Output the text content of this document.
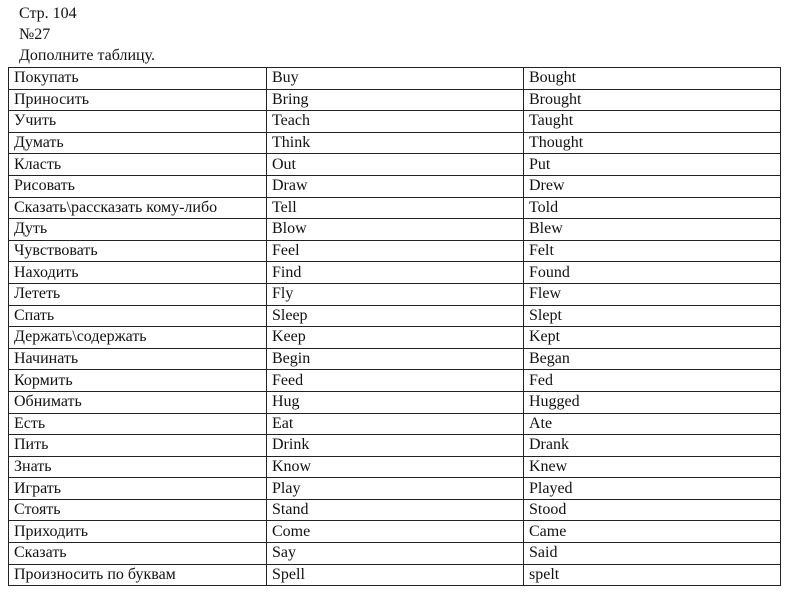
Стр. 104
№27
Дополните таблицу.
Покупать	Buy	Bought
Приносить	Bring	Brought
Учить	Teach	Taught
Думать	Think	Thought
Класть	Out	Put
Рисовать	Draw	Drew
Сказать\рассказать кому-либо	Tell	Told
Дуть	Blow	Blew
Чувствовать	Feel	Felt
Находить	Find	Found
Лететь	Fly	Flew
Спать	Sleep	Slept
Держать\содержать	Keep	Kept
Начинать	Begin	Began
Кормить	Feed	Fed
Обнимать	Hug	Hugged
Есть	Eat	Ate
Пить	Drink	Drank
Знать	Know	Knew
Играть	Play	Played
Стоять	Stand	Stood
Приходить	Come	Came
Сказать	Say	Said
Произносить по буквам	Spell	spelt
